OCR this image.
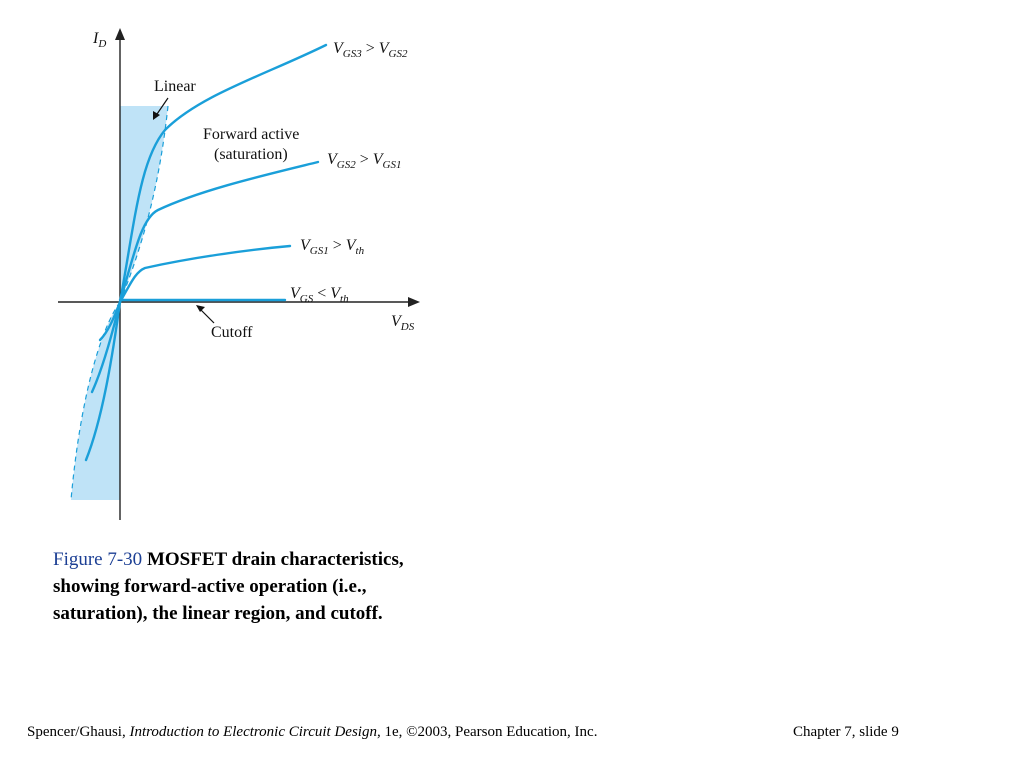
$I_D$
$V_{DS}$
Linear
Forward active
(saturation)
Cutoff
$V_{GS3} > V_{GS2}$
$V_{GS2} > V_{GS1}$
$V_{GS1} > V_{th}$
$V_{GS} < V_{th}$
Figure 7-30 MOSFET drain characteristics, showing forward-active operation (i.e., saturation), the linear region, and cutoff.
Spencer/Ghausi, Introduction to Electronic Circuit Design, 1e, ©2003, Pearson Education, Inc.	Chapter 7, slide 9
